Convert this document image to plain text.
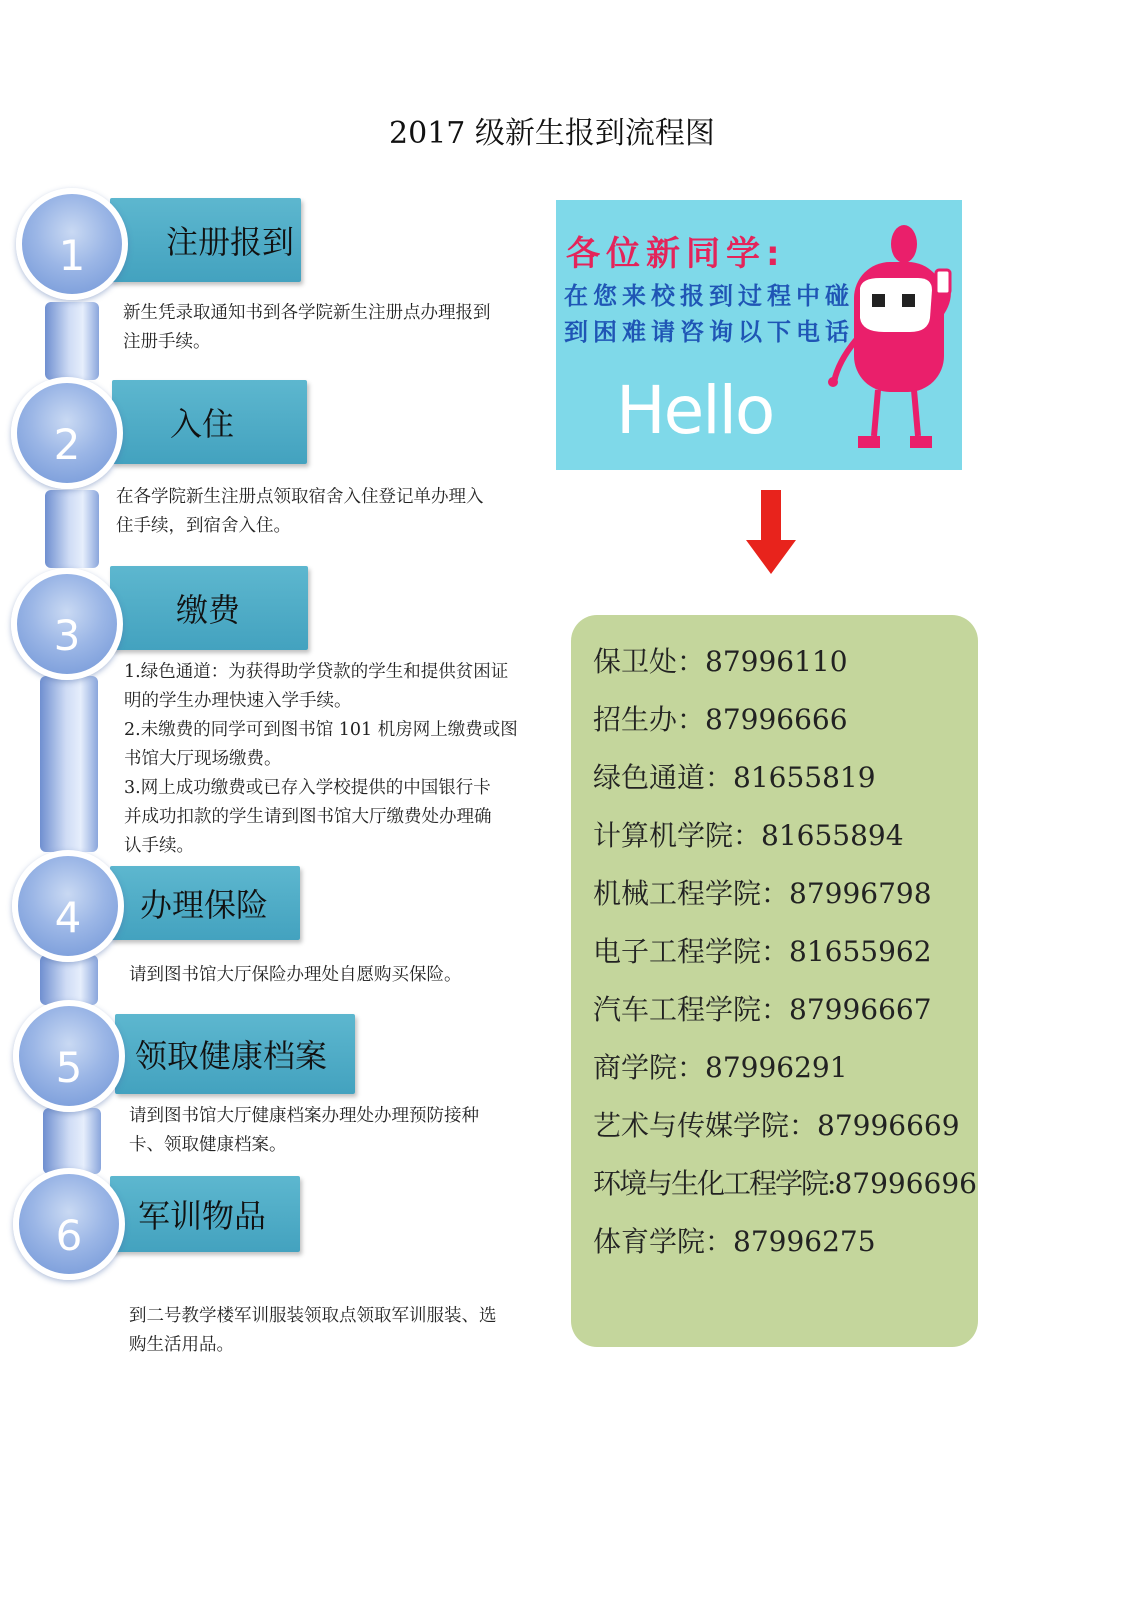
2017 级新生报到流程图
注册报到
1
新生凭录取通知书到各学院新生注册点办理报到
注册手续。
入住
2
在各学院新生注册点领取宿舍入住登记单办理入
住手续，到宿舍入住。
缴费
3
1.绿色通道：为获得助学贷款的学生和提供贫困证
明的学生办理快速入学手续。
2.未缴费的同学可到图书馆 101 机房网上缴费或图
书馆大厅现场缴费。
3.网上成功缴费或已存入学校提供的中国银行卡
并成功扣款的学生请到图书馆大厅缴费处办理确
认手续。
办理保险
4
请到图书馆大厅保险办理处自愿购买保险。
领取健康档案
5
请到图书馆大厅健康档案办理处办理预防接种
卡、领取健康档案。
军训物品
6
到二号教学楼军训服装领取点领取军训服装、选
购生活用品。
各位新同学:
在您来校报到过程中碰
到困难请咨询以下电话
Hello
保卫处：87996110
招生办：87996666
绿色通道：81655819
计算机学院：81655894
机械工程学院：87996798
电子工程学院：81655962
汽车工程学院：87996667
商学院：87996291
艺术与传媒学院：87996669
环境与生化工程学院:87996696
体育学院：87996275
